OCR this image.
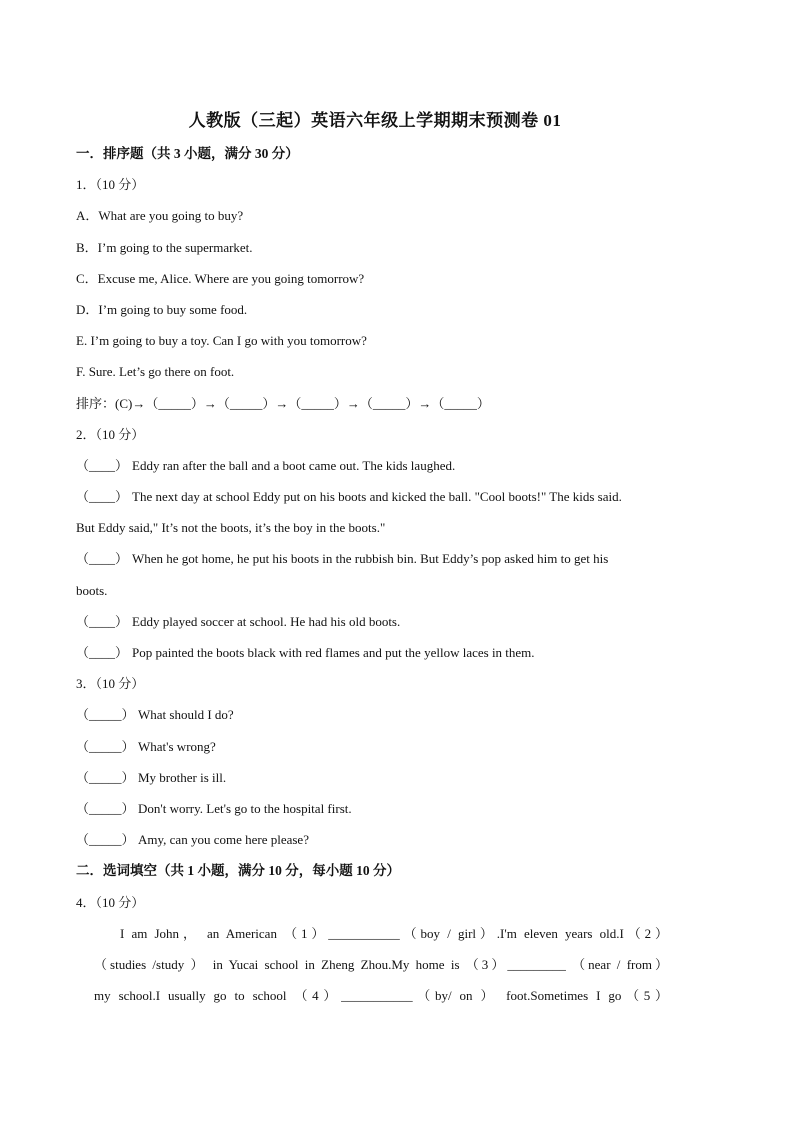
人教版（三起）英语六年级上学期期末预测卷 01
一．排序题（共 3 小题，满分 30 分）
1．（10 分）
A．What are you going to buy?
B．I’m going to the supermarket.
C．Excuse me, Alice. Where are you going tomorrow?
D．I’m going to buy some food.
E. I’m going to buy a toy. Can I go with you tomorrow?
F. Sure. Let’s go there on foot.
排序：(C)→（_____）→（_____）→（_____）→（_____）→（_____）
2．（10 分）
（____） Eddy ran after the ball and a boot came out. The kids laughed.
（____） The next day at school Eddy put on his boots and kicked the ball. "Cool boots!" The kids said.
But Eddy said," It’s not the boots, it’s the boy in the boots."
（____） When he got home, he put his boots in the rubbish bin. But Eddy’s pop asked him to get his
boots.
（____） Eddy played soccer at school. He had his old boots.
（____） Pop painted the boots black with red flames and put the yellow laces in them.
3．（10 分）
（_____） What should I do?
（_____） What's wrong?
（_____） My brother is ill.
（_____） Don't worry. Let's go to the hospital first.
（_____） Amy, can you come here please?
二．选词填空（共 1 小题，满分 10 分，每小题 10 分）
4．（10 分）
I am John， an American （1）___________（boy / girl）.I'm eleven years old.I（2）
（studies /study ） in Yucai school in Zheng Zhou.My home is （3）_________ （near / from）
my school.I usually go to school （4）___________（by/ on ） foot.Sometimes I go（5）
